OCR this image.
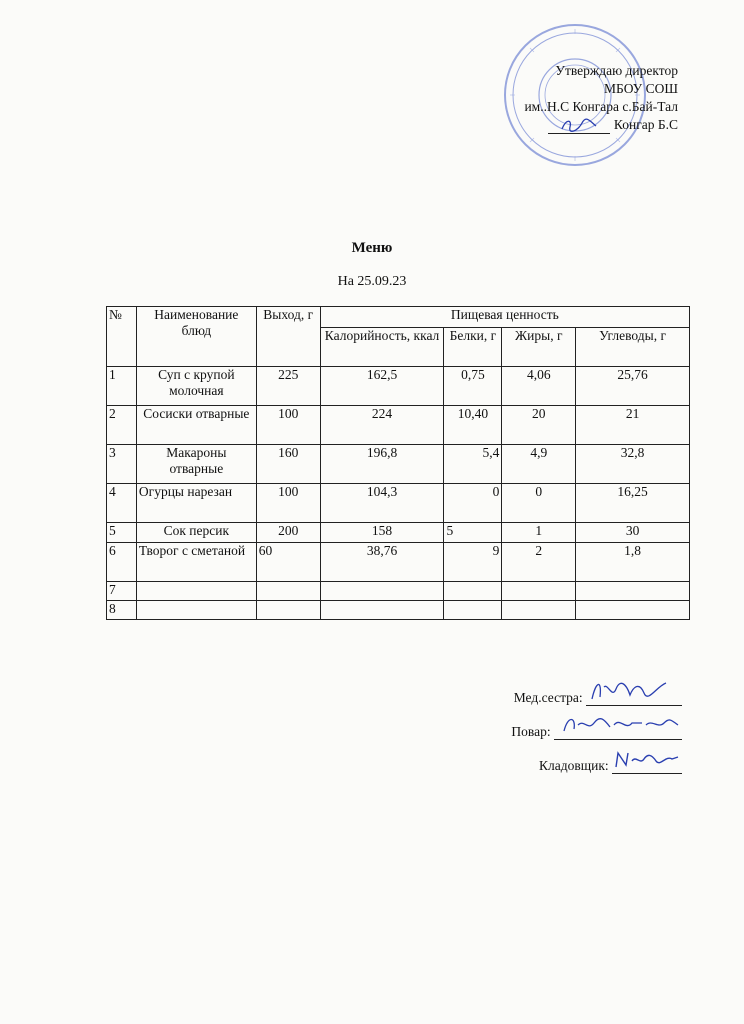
Утверждаю директор
МБОУ СОШ
им..Н.С Конгара с.Бай-Тал
Конгар Б.С
Меню
На 25.09.23
№	Наименование блюд	Выход, г	Пищевая ценность			
			Калорийность, ккал	Белки, г	Жиры, г	Углеводы, г
1	Суп с крупой молочная	225	162,5	0,75	4,06	25,76
2	Сосиски отварные	100	224	10,40	20	21
3	Макароны отварные	160	196,8	5,4	4,9	32,8
4	Огурцы нарезан	100	104,3	0	0	16,25
5	Сок персик	200	158	5	1	30
6	Творог с сметаной	60	38,76	9	2	1,8
7						
8						
Мед.сестра:
Повар:
Кладовщик:
